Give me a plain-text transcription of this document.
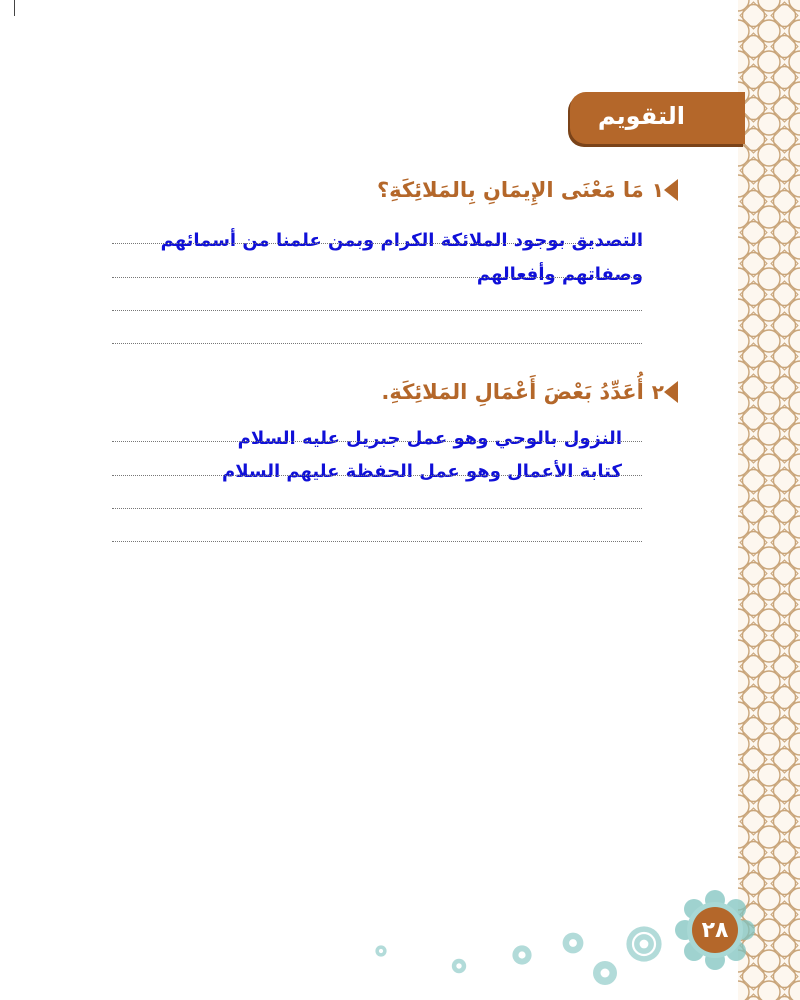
التقويم
١
مَا مَعْنَى الإِيمَانِ بِالمَلائِكَةِ؟
التصديق بوجود الملائكة الكرام وبمن علمنا من أسمائهم
وصفاتهم وأفعالهم
٢
أُعَدِّدُ بَعْضَ أَعْمَالِ المَلائِكَةِ.
النزول بالوحي وهو عمل جبريل عليه السلام
كتابة الأعمال وهو عمل الحفظة عليهم السلام
٢٨
